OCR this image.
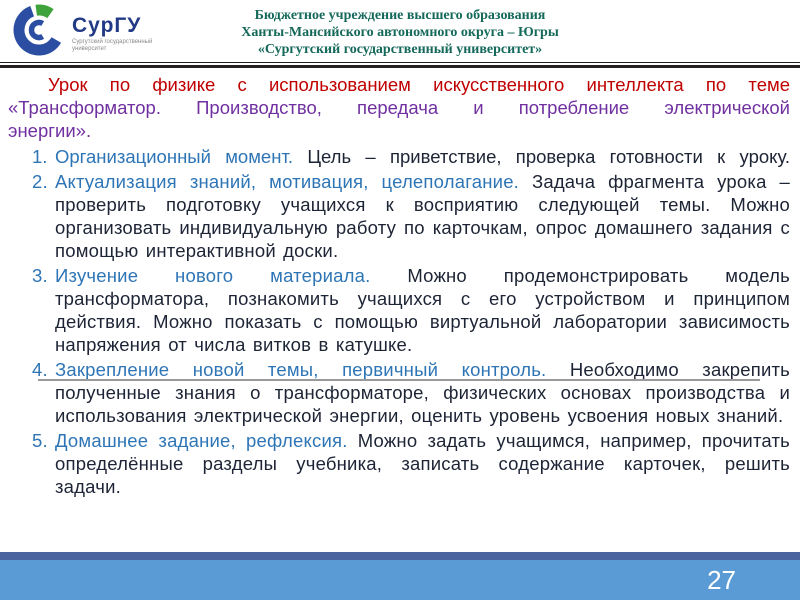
СурГУ
Сургутский государственный
университет
Бюджетное учреждение высшего образования
Ханты-Мансийского автономного округа – Югры
«Сургутский государственный университет»

Урок по физике с использованием искусственного интеллекта по теме
«Трансформатор. Производство, передача и потребление электрической
энергии».

1. Организационный момент. Цель – приветствие, проверка готовности к уроку.
2. Актуализация знаний, мотивация, целеполагание. Задача фрагмента урока – проверить подготовку учащихся к восприятию следующей темы. Можно организовать индивидуальную работу по карточкам, опрос домашнего задания с помощью интерактивной доски.
3. Изучение нового материала. Можно продемонстрировать модель трансформатора, познакомить учащихся с его устройством и принципом действия. Можно показать с помощью виртуальной лаборатории зависимость напряжения от числа витков в катушке.
4. Закрепление новой темы, первичный контроль. Необходимо закрепить полученные знания о трансформаторе, физических основах производства и использования электрической энергии, оценить уровень усвоения новых знаний.
5. Домашнее задание, рефлексия. Можно задать учащимся, например, прочитать определённые разделы учебника, записать содержание карточек, решить задачи.
27
